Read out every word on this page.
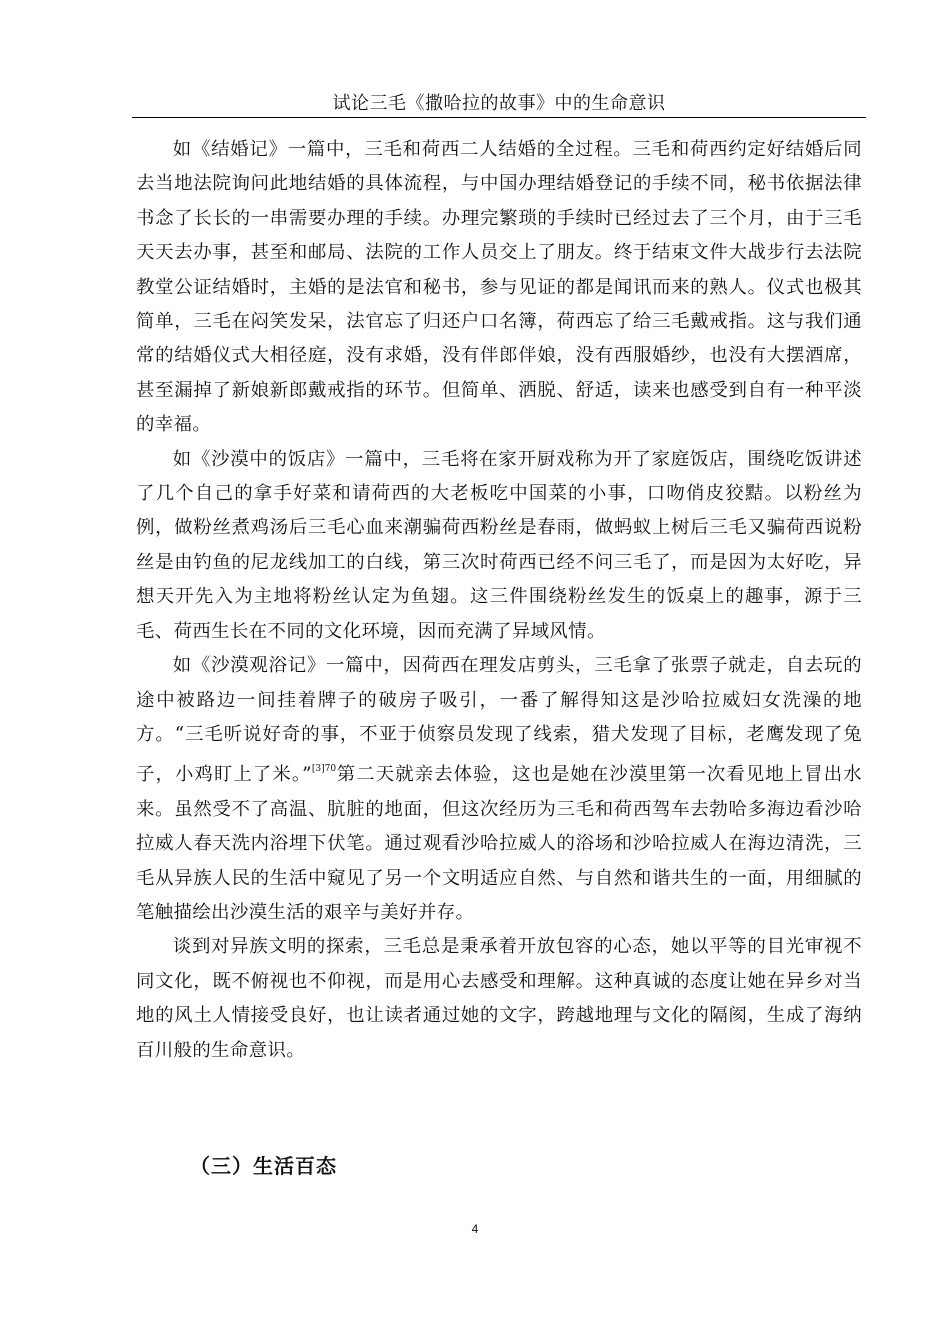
试论三毛《撒哈拉的故事》中的生命意识

如《结婚记》一篇中，三毛和荷西二人结婚的全过程。三毛和荷西约定好结婚后同去当地法院询问此地结婚的具体流程，与中国办理结婚登记的手续不同，秘书依据法律书念了长长的一串需要办理的手续。办理完繁琐的手续时已经过去了三个月，由于三毛天天去办事，甚至和邮局、法院的工作人员交上了朋友。终于结束文件大战步行去法院教堂公证结婚时，主婚的是法官和秘书，参与见证的都是闻讯而来的熟人。仪式也极其简单，三毛在闷笑发呆，法官忘了归还户口名簿，荷西忘了给三毛戴戒指。这与我们通常的结婚仪式大相径庭，没有求婚，没有伴郎伴娘，没有西服婚纱，也没有大摆酒席，甚至漏掉了新娘新郎戴戒指的环节。但简单、洒脱、舒适，读来也感受到自有一种平淡的幸福。

如《沙漠中的饭店》一篇中，三毛将在家开厨戏称为开了家庭饭店，围绕吃饭讲述了几个自己的拿手好菜和请荷西的大老板吃中国菜的小事，口吻俏皮狡黠。以粉丝为例，做粉丝煮鸡汤后三毛心血来潮骗荷西粉丝是春雨，做蚂蚁上树后三毛又骗荷西说粉丝是由钓鱼的尼龙线加工的白线，第三次时荷西已经不问三毛了，而是因为太好吃，异想天开先入为主地将粉丝认定为鱼翅。这三件围绕粉丝发生的饭桌上的趣事，源于三毛、荷西生长在不同的文化环境，因而充满了异域风情。

如《沙漠观浴记》一篇中，因荷西在理发店剪头，三毛拿了张票子就走，自去玩的途中被路边一间挂着牌子的破房子吸引，一番了解得知这是沙哈拉威妇女洗澡的地方。“三毛听说好奇的事，不亚于侦察员发现了线索，猎犬发现了目标，老鹰发现了兔子，小鸡盯上了米。”$^{[3]70}$第二天就亲去体验，这也是她在沙漠里第一次看见地上冒出水来。虽然受不了高温、肮脏的地面，但这次经历为三毛和荷西驾车去勃哈多海边看沙哈拉威人春天洗内浴埋下伏笔。通过观看沙哈拉威人的浴场和沙哈拉威人在海边清洗，三毛从异族人民的生活中窥见了另一个文明适应自然、与自然和谐共生的一面，用细腻的笔触描绘出沙漠生活的艰辛与美好并存。

谈到对异族文明的探索，三毛总是秉承着开放包容的心态，她以平等的目光审视不同文化，既不俯视也不仰视，而是用心去感受和理解。这种真诚的态度让她在异乡对当地的风土人情接受良好，也让读者通过她的文字，跨越地理与文化的隔阂，生成了海纳百川般的生命意识。

（三）生活百态
4
